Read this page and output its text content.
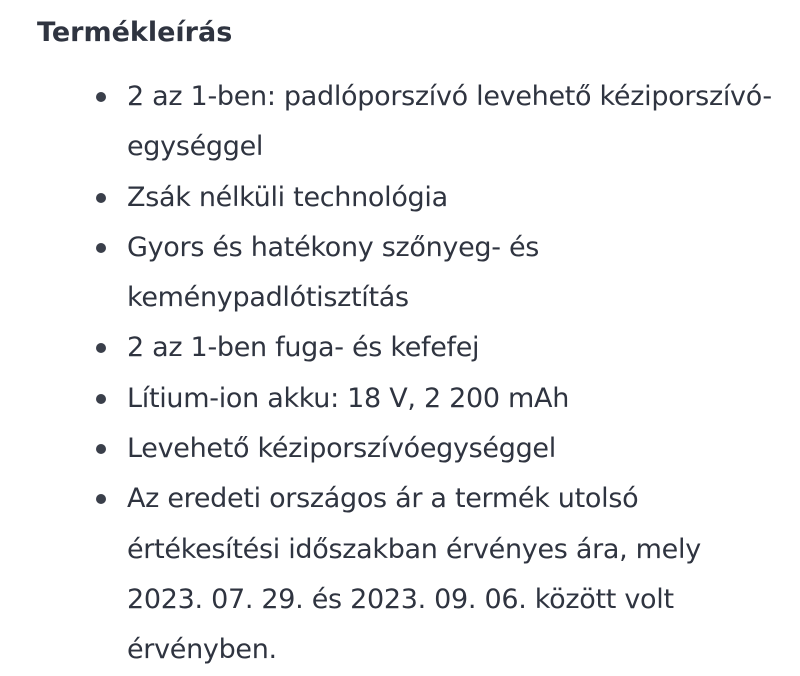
Termékleírás
2 az 1-ben: padlóporszívó levehető kéziporszívó-egységgel
Zsák nélküli technológia
Gyors és hatékony szőnyeg- és keménypadlótisztítás
2 az 1-ben fuga- és kefefej
Lítium-ion akku: 18 V, 2 200 mAh
Levehető kéziporszívóegységgel
Az eredeti országos ár a termék utolsó értékesítési időszakban érvényes ára, mely 2023. 07. 29. és 2023. 09. 06. között volt érvényben.
